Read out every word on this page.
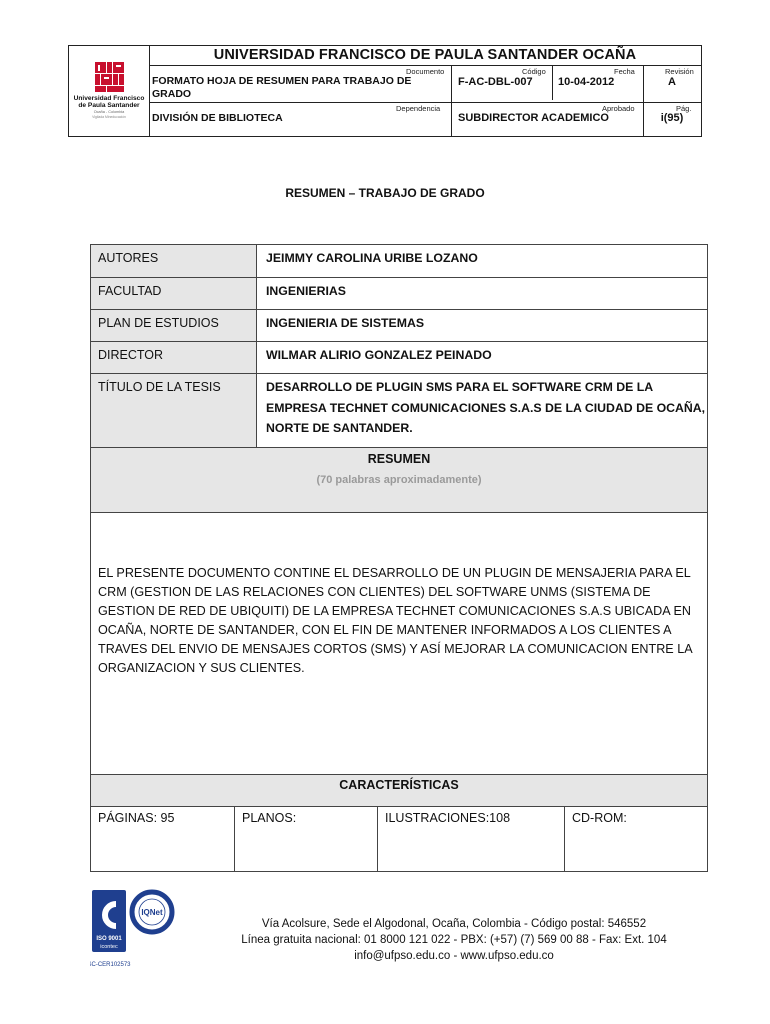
Universidad Francisco
de Paula Santander
Ocaña - Colombia
Vigilada Mineducación
UNIVERSIDAD FRANCISCO DE PAULA SANTANDER OCAÑA
Documento
FORMATO HOJA DE RESUMEN PARA TRABAJO DE GRADO
Código
F-AC-DBL-007
Fecha
10-04-2012
Revisión
A
Dependencia
DIVISIÓN DE BIBLIOTECA
Aprobado
SUBDIRECTOR ACADEMICO
Pág.
i(95)
RESUMEN – TRABAJO DE GRADO
AUTORES	JEIMMY CAROLINA URIBE LOZANO
FACULTAD	INGENIERIAS
PLAN DE ESTUDIOS	INGENIERIA DE SISTEMAS
DIRECTOR	WILMAR ALIRIO GONZALEZ PEINADO
TÍTULO DE LA TESIS	DESARROLLO DE PLUGIN SMS PARA EL SOFTWARE CRM DE LA EMPRESA TECHNET COMUNICACIONES S.A.S DE LA CIUDAD DE OCAÑA, NORTE DE SANTANDER.
RESUMEN
(70 palabras aproximadamente)
EL PRESENTE DOCUMENTO CONTINE EL DESARROLLO DE UN PLUGIN DE MENSAJERIA PARA EL CRM (GESTION DE LAS RELACIONES CON CLIENTES) DEL SOFTWARE UNMS (SISTEMA DE GESTION DE RED DE UBIQUITI) DE LA EMPRESA TECHNET COMUNICACIONES S.A.S UBICADA EN OCAÑA, NORTE DE SANTANDER, CON EL FIN DE MANTENER INFORMADOS A LOS CLIENTES A TRAVES DEL ENVIO DE MENSAJES CORTOS (SMS) Y ASÍ MEJORAR LA COMUNICACION ENTRE LA ORGANIZACION Y SUS CLIENTES.
CARACTERÍSTICAS
PÁGINAS: 95	PLANOS:	ILUSTRACIONES:108	CD-ROM:
ISO 9001
icontec
IQNet
SC-CER102573
Vía Acolsure, Sede el Algodonal, Ocaña, Colombia - Código postal: 546552
Línea gratuita nacional: 01 8000 121 022 - PBX: (+57) (7) 569 00 88 - Fax: Ext. 104
info@ufpso.edu.co - www.ufpso.edu.co
